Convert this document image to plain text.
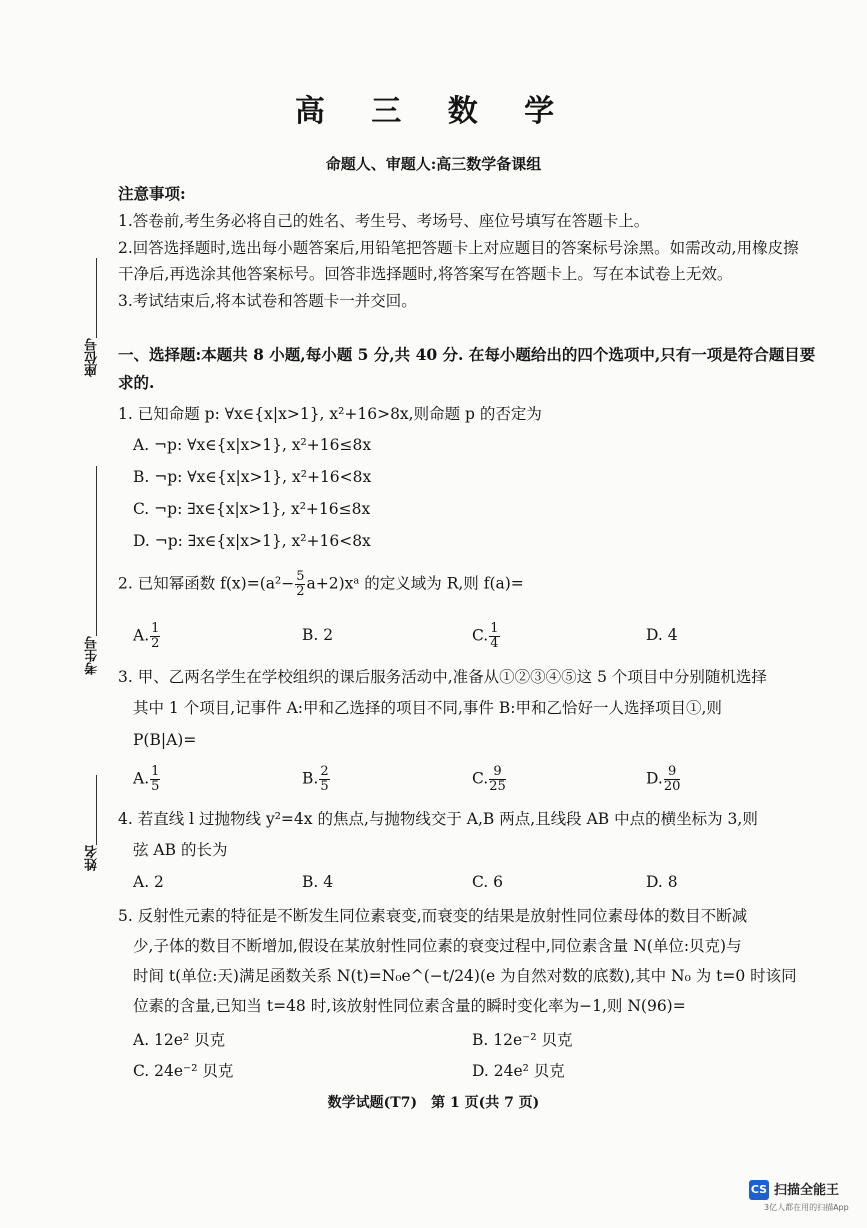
高 三 数 学
命题人、审题人:高三数学备课组
注意事项:
1.答卷前,考生务必将自己的姓名、考生号、考场号、座位号填写在答题卡上。
2.回答选择题时,选出每小题答案后,用铅笔把答题卡上对应题目的答案标号涂黑。如需改动,用橡皮擦
干净后,再选涂其他答案标号。回答非选择题时,将答案写在答题卡上。写在本试卷上无效。
3.考试结束后,将本试卷和答题卡一并交回。
座位号
考生号
姓名
一、选择题:本题共 8 小题,每小题 5 分,共 40 分. 在每小题给出的四个选项中,只有一项是符合题目要
求的.
1. 已知命题 p: ∀x∈{x|x>1}, x²+16>8x,则命题 p 的否定为
A. ¬p: ∀x∈{x|x>1}, x²+16≤8x
B. ¬p: ∀x∈{x|x>1}, x²+16<8x
C. ¬p: ∃x∈{x|x>1}, x²+16≤8x
D. ¬p: ∃x∈{x|x>1}, x²+16<8x
2. 已知幂函数 $f(x)=(a^2- \frac{5}{2}$ a+2)xᵃ 的定义域为 R,则 f(a)=
A. $\frac{1}{2}$	B. 2	C. $\frac{1}{4}$	D. 4
3. 甲、乙两名学生在学校组织的课后服务活动中,准备从①②③④⑤这 5 个项目中分别随机选择
其中 1 个项目,记事件 A:甲和乙选择的项目不同,事件 B:甲和乙恰好一人选择项目①,则
P(B|A)=
A. $\frac{1}{5}$	B. $\frac{2}{5}$	C. $\frac{9}{25}$	D. $\frac{9}{20}$
4. 若直线 l 过抛物线 y²=4x 的焦点,与抛物线交于 A,B 两点,且线段 AB 中点的横坐标为 3,则
弦 AB 的长为
A. 2	B. 4	C. 6	D. 8
5. 反射性元素的特征是不断发生同位素衰变,而衰变的结果是放射性同位素母体的数目不断减
少,子体的数目不断增加,假设在某放射性同位素的衰变过程中,同位素含量 N(单位:贝克)与
时间 t(单位:天)满足函数关系 N(t)=N₀e^(−t/24)(e 为自然对数的底数),其中 N₀ 为 t=0 时该同
位素的含量,已知当 t=48 时,该放射性同位素含量的瞬时变化率为−1,则 N(96)=
A. 12e² 贝克	B. 12e⁻² 贝克
C. 24e⁻² 贝克	D. 24e² 贝克
数学试题(T7)　第 1 页(共 7 页)
CS 扫描全能王
3亿人都在用的扫描App
